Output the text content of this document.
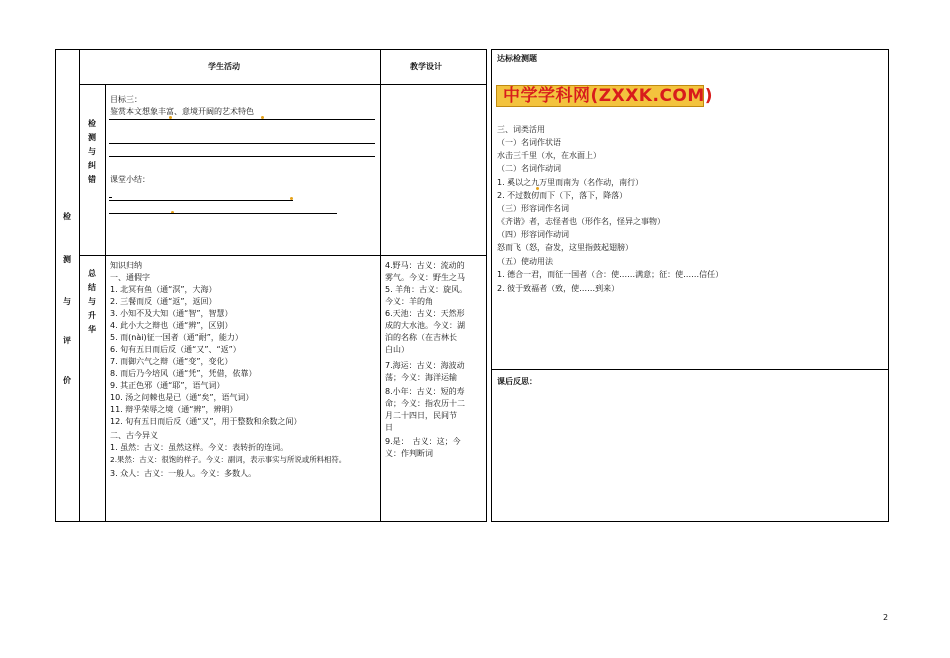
学生活动	教学设计
达标检测题
课后反思：
检
测
与
评
价
检
测
与
纠
错
总
结
与
升
华
目标三：
鉴赏本文想象丰富、意境开阔的艺术特色
课堂小结：
知识归纳
一、通假字
1. 北冥有鱼（通“溟”，大海）
2. 三餐而反（通“返”，返回）
3. 小知不及大知（通“智”，智慧）
4. 此小大之辩也（通“辨”，区别）
5. 而(nài)征一国者（通“耐”，能力）
6. 旬有五日而后反（通“又”、“返”）
7. 而御六气之辩（通“变”，变化）
8. 而后乃今培风（通“凭”，凭借，依靠）
9. 其正色邪（通“耶”，语气词）
10. 汤之问棘也是已（通“矣”，语气词）
11. 辩乎荣辱之境（通“辨”，辨明）
12. 旬有五日而后反（通“又”，用于整数和余数之间）
二、古今异义
1. 虽然：古义：虽然这样。今义：表转折的连词。
2.果然：古义：很饱的样子。今义：副词，表示事实与所说或所料相符。
3. 众人：古义：一般人。今义：多数人。
4.野马：古义：流动的
雾气。今义：野生之马
5. 羊角：古义：旋风。
今义：羊的角
6.天池：古义：天然形
成的大水池。今义：湖
泊的名称（在吉林长
白山）
7.海运：古义：海波动
荡；今义：海洋运输
8.小年：古义：短的寿
命；今义：指农历十二
月二十四日，民间节
日
9.是：　古义：这；今
义：作判断词
中学学科网(ZXXK.COM)
三、词类活用
（一）名词作状语
水击三千里（水，在水面上）
（二）名词作动词
1. 奚以之九万里而南为（名作动，南行）
2. 不过数仞而下（下，落下，降落）
（三）形容词作名词
《齐谐》者，志怪者也（形作名，怪异之事物）
（四）形容词作动词
怒而飞（怒，奋发，这里指鼓起翅膀）
（五）使动用法
1. 德合一君，而征一国者（合：使……满意；征：使……信任）
2. 彼于致福者（致，使……到来）
2
